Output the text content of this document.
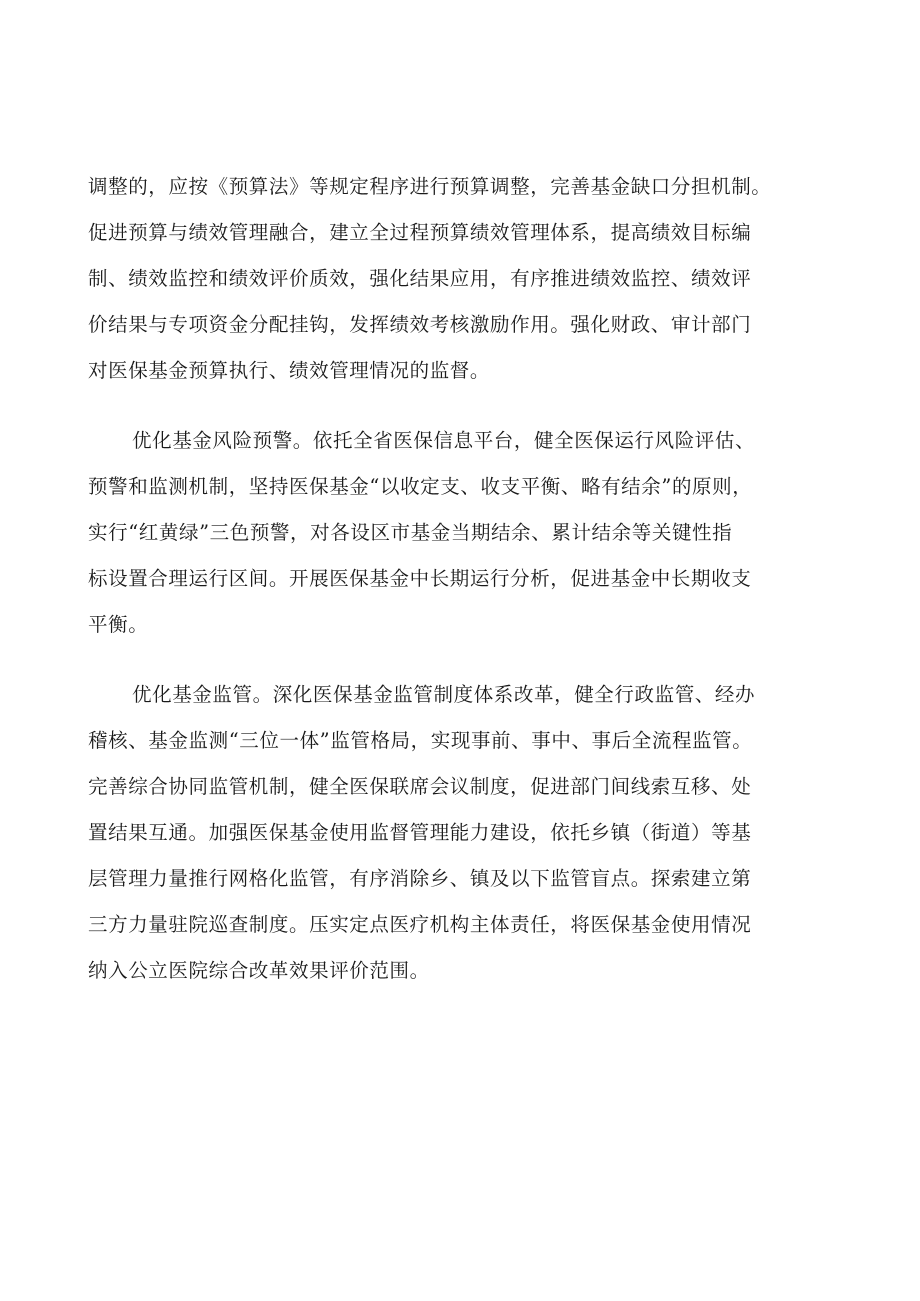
调整的，应按《预算法》等规定程序进行预算调整，完善基金缺口分担机制。
促进预算与绩效管理融合，建立全过程预算绩效管理体系，提高绩效目标编
制、绩效监控和绩效评价质效，强化结果应用，有序推进绩效监控、绩效评
价结果与专项资金分配挂钩，发挥绩效考核激励作用。强化财政、审计部门
对医保基金预算执行、绩效管理情况的监督。
优化基金风险预警。依托全省医保信息平台，健全医保运行风险评估、
预警和监测机制，坚持医保基金“以收定支、收支平衡、略有结余”的原则，
实行“红黄绿”三色预警，对各设区市基金当期结余、累计结余等关键性指
标设置合理运行区间。开展医保基金中长期运行分析，促进基金中长期收支
平衡。
优化基金监管。深化医保基金监管制度体系改革，健全行政监管、经办
稽核、基金监测“三位一体”监管格局，实现事前、事中、事后全流程监管。
完善综合协同监管机制，健全医保联席会议制度，促进部门间线索互移、处
置结果互通。加强医保基金使用监督管理能力建设，依托乡镇（街道）等基
层管理力量推行网格化监管，有序消除乡、镇及以下监管盲点。探索建立第
三方力量驻院巡查制度。压实定点医疗机构主体责任，将医保基金使用情况
纳入公立医院综合改革效果评价范围。
